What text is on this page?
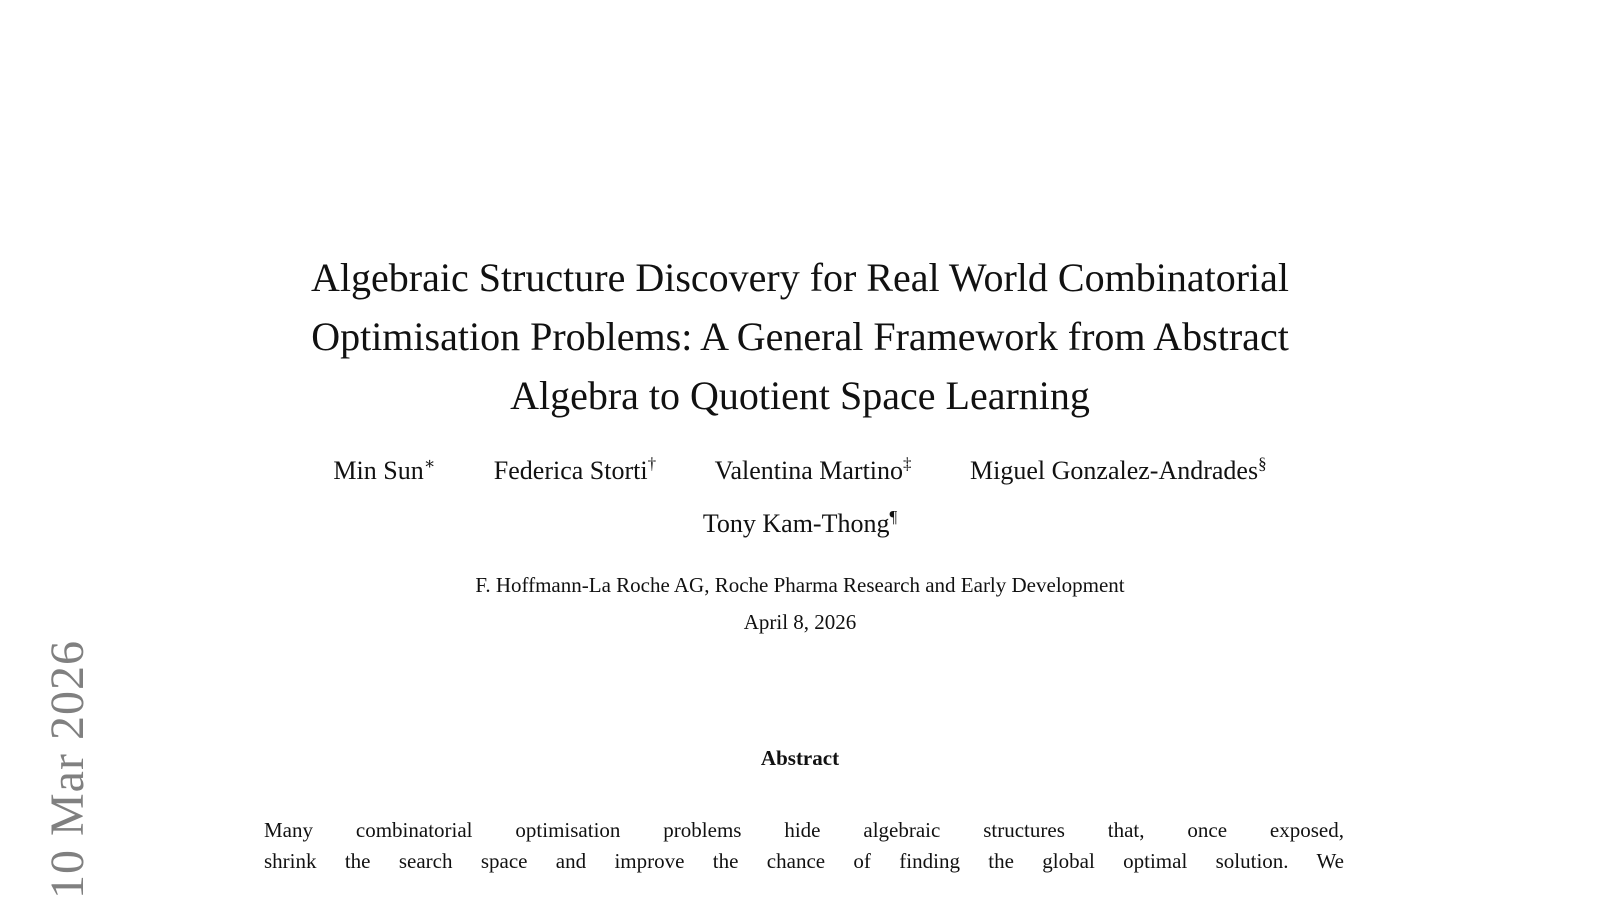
10 Mar 2026
Algebraic Structure Discovery for Real World Combinatorial
Optimisation Problems: A General Framework from Abstract
Algebra to Quotient Space Learning
Min Sun∗ Federica Storti† Valentina Martino‡ Miguel Gonzalez-Andrades§
Tony Kam-Thong¶
F. Hoffmann-La Roche AG, Roche Pharma Research and Early Development
April 8, 2026
Abstract
Many combinatorial optimisation problems hide algebraic structures that, once exposed,
shrink the search space and improve the chance of finding the global optimal solution. We
